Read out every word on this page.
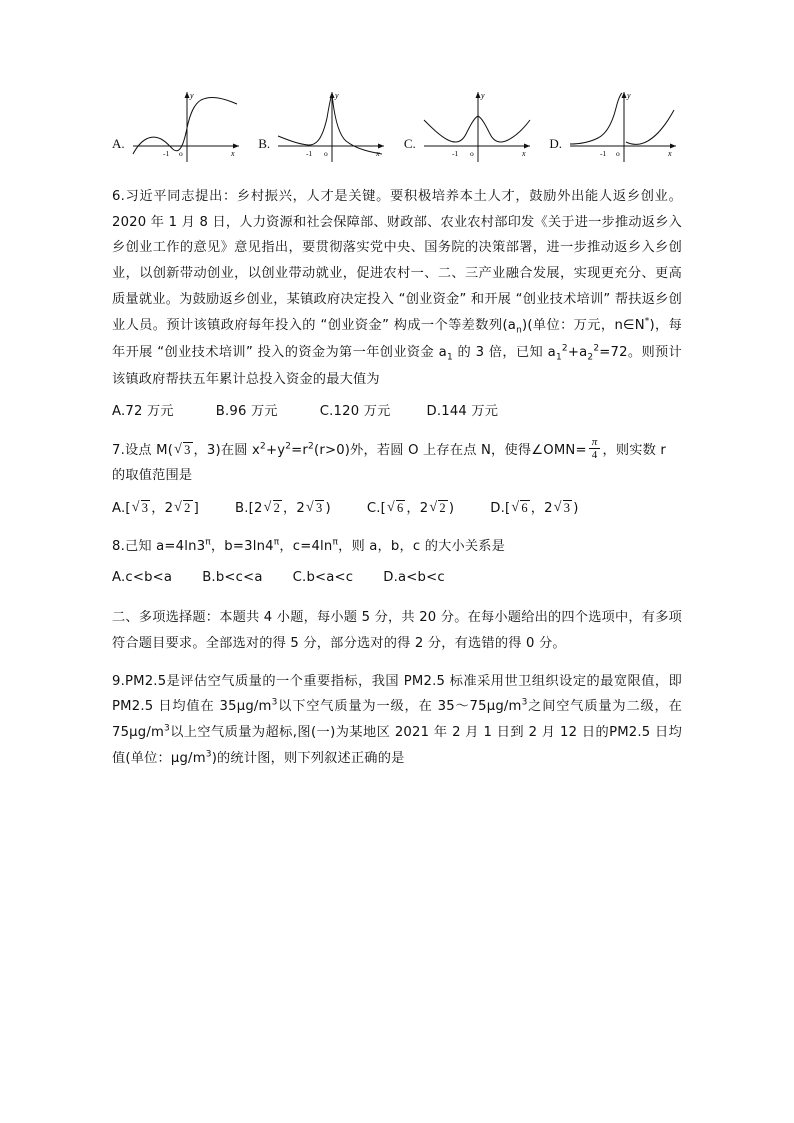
A.
y
x
o
-1
B.
y
x
o
-1
C.
y
x
o
-1
D.
y
x
o
-1

6.习近平同志提出：乡村振兴，人才是关键。要积极培养本土人才，鼓励外出能人返乡创业。2020 年 1 月 8 日，人力资源和社会保障部、财政部、农业农村部印发《关于进一步推动返乡入乡创业工作的意见》意见指出，要贯彻落实党中央、国务院的决策部署，进一步推动返乡入乡创业，以创新带动创业，以创业带动就业，促进农村一、二、三产业融合发展，实现更充分、更高质量就业。为鼓励返乡创业，某镇政府决定投入 “创业资金” 和开展 “创业技术培训” 帮扶返乡创业人员。预计该镇政府每年投入的 “创业资金” 构成一个等差数列$(a_n)$(单位：万元，n∈N*)，每年开展 “创业技术培训” 投入的资金为第一年创业资金 $a_1$ 的 3 倍，已知 $a_1^2+a_2^2=72$。则预计该镇政府帮扶五年累计总投入资金的最大值为

A.72 万元	B.96 万元	C.120 万元	D.144 万元

7.设点 M( √ 3 ，3)在圆 $x^2+y^2=r^2(r>0)$外，若圆 O 上存在点 N，使得∠OMN= $\frac{\pi}{4}$ ，则实数 r
的取值范围是

A.[ √ 3 ，2 √ 2 ]	B.[2 √ 2 ，2 √ 3 )	C.[ √ 6 ，2 √ 2 )	D.[ √ 6 ，2 √ 3 )

8.己知 $a=4\ln 3^\pi$，$b=3\ln 4^\pi$，$c=4\ln^\pi$，则 a，b，c 的大小关系是

A.c<b<a B.b<c<a C.b<a<c D.a<b<c

二、多项选择题：本题共 4 小题，每小题 5 分，共 20 分。在每小题给出的四个选项中，有多项符合题目要求。全部选对的得 5 分，部分选对的得 2 分，有选错的得 0 分。

9.PM2.5是评估空气质量的一个重要指标，我国 PM2.5 标准采用世卫组织设定的最宽限值，即 PM2.5 日均值在 $35\mu g/m^3$以下空气质量为一级，在 $35\sim 75\mu g/m^3$之间空气质量为二级，在$75\mu g/m^3$以上空气质量为超标,图(一)为某地区 2021 年 2 月 1 日到 2 月 12 日的PM2.5 日均值(单位：$\mu g/m^3$)的统计图，则下列叙述正确的是
